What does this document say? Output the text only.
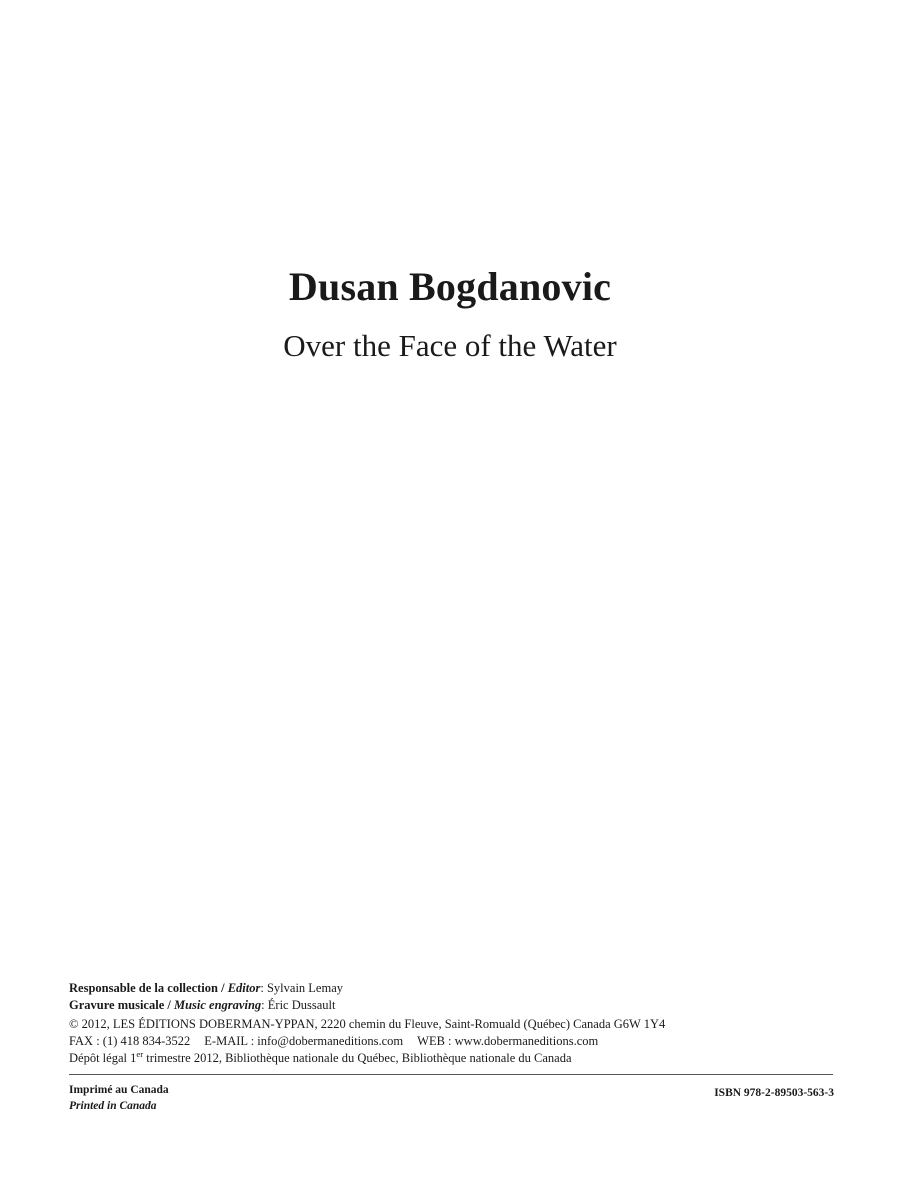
Dusan Bogdanovic
Over the Face of the Water
Responsable de la collection / Editor: Sylvain Lemay
Gravure musicale / Music engraving: Éric Dussault
© 2012, LES ÉDITIONS DOBERMAN-YPPAN, 2220 chemin du Fleuve, Saint-Romuald (Québec) Canada G6W 1Y4
FAX : (1) 418 834-3522 E-MAIL : info@dobermaneditions.com WEB : www.dobermaneditions.com
Dépôt légal 1er trimestre 2012, Bibliothèque nationale du Québec, Bibliothèque nationale du Canada
Imprimé au Canada
Printed in Canada
ISBN 978-2-89503-563-3
